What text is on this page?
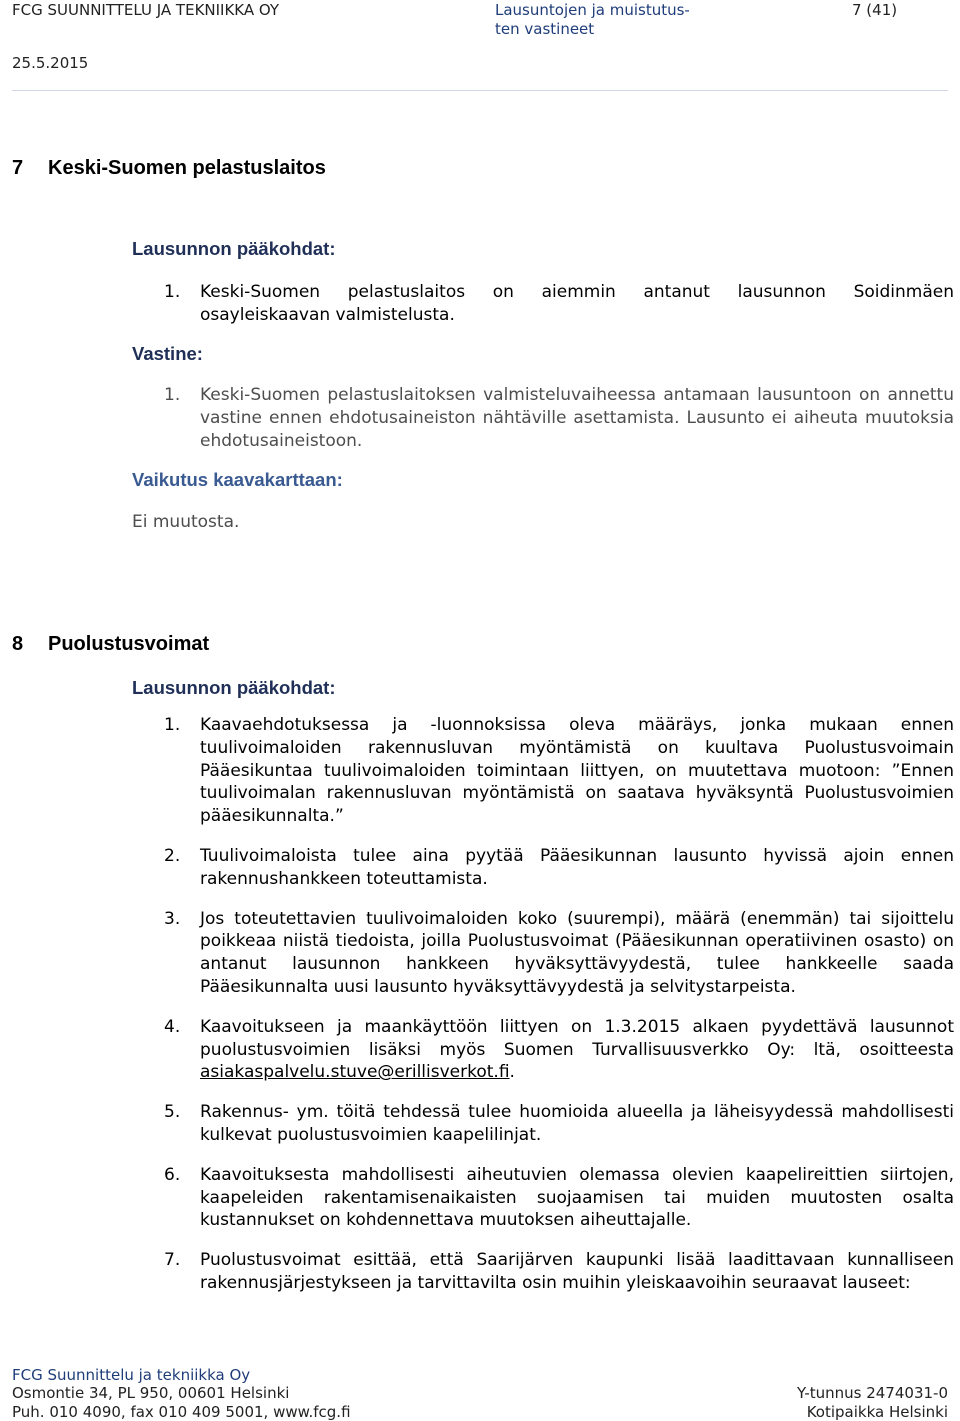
FCG SUUNNITTELU JA TEKNIIKKA OY	Lausuntojen ja muistutus-
ten vastineet
7 (41)
25.5.2015
7 Keski-Suomen pelastuslaitos
Lausunnon pääkohdat:
1. Keski-Suomen pelastuslaitos on aiemmin antanut lausunnon Soidinmäen
osayleiskaavan valmistelusta.
Vastine:
1. Keski-Suomen pelastuslaitoksen valmisteluvaiheessa antamaan lausuntoon on annettu vastine ennen ehdotusaineiston nähtäville asettamista. Lausunto ei aiheuta muutoksia ehdotusaineistoon.
Vaikutus kaavakarttaan:
Ei muutosta.
8 Puolustusvoimat
Lausunnon pääkohdat:
1. Kaavaehdotuksessa ja -luonnoksissa oleva määräys, jonka mukaan ennen tuulivoimaloiden rakennusluvan myöntämistä on kuultava Puolustusvoimain Pääesikuntaa tuulivoimaloiden toimintaan liittyen, on muutettava muotoon: ”Ennen tuulivoimalan rakennusluvan myöntämistä on saatava hyväksyntä Puolustusvoimien pääesikunnalta.”
2. Tuulivoimaloista tulee aina pyytää Pääesikunnan lausunto hyvissä ajoin ennen rakennushankkeen toteuttamista.
3. Jos toteutettavien tuulivoimaloiden koko (suurempi), määrä (enemmän) tai sijoittelu poikkeaa niistä tiedoista, joilla Puolustusvoimat (Pääesikunnan operatiivinen osasto) on antanut lausunnon hankkeen hyväksyttävyydestä, tulee hankkeelle saada Pääesikunnalta uusi lausunto hyväksyttävyydestä ja selvitystarpeista.
4. Kaavoitukseen ja maankäyttöön liittyen on 1.3.2015 alkaen pyydettävä lausunnot puolustusvoimien lisäksi myös Suomen Turvallisuusverkko Oy: ltä, osoitteesta asiakaspalvelu.stuve@erillisverkot.fi.
5. Rakennus- ym. töitä tehdessä tulee huomioida alueella ja läheisyydessä mahdollisesti kulkevat puolustusvoimien kaapelilinjat.
6. Kaavoituksesta mahdollisesti aiheutuvien olemassa olevien kaapelireittien siirtojen, kaapeleiden rakentamisenaikaisten suojaamisen tai muiden muutosten osalta kustannukset on kohdennettava muutoksen aiheuttajalle.
7. Puolustusvoimat esittää, että Saarijärven kaupunki lisää laadittavaan kunnalliseen rakennusjärjestykseen ja tarvittavilta osin muihin yleiskaavoihin seuraavat lauseet:
FCG Suunnittelu ja tekniikka Oy
Osmontie 34, PL 950, 00601 Helsinki
Puh. 010 4090, fax 010 409 5001, www.fcg.fi
Y-tunnus 2474031-0
Kotipaikka Helsinki
